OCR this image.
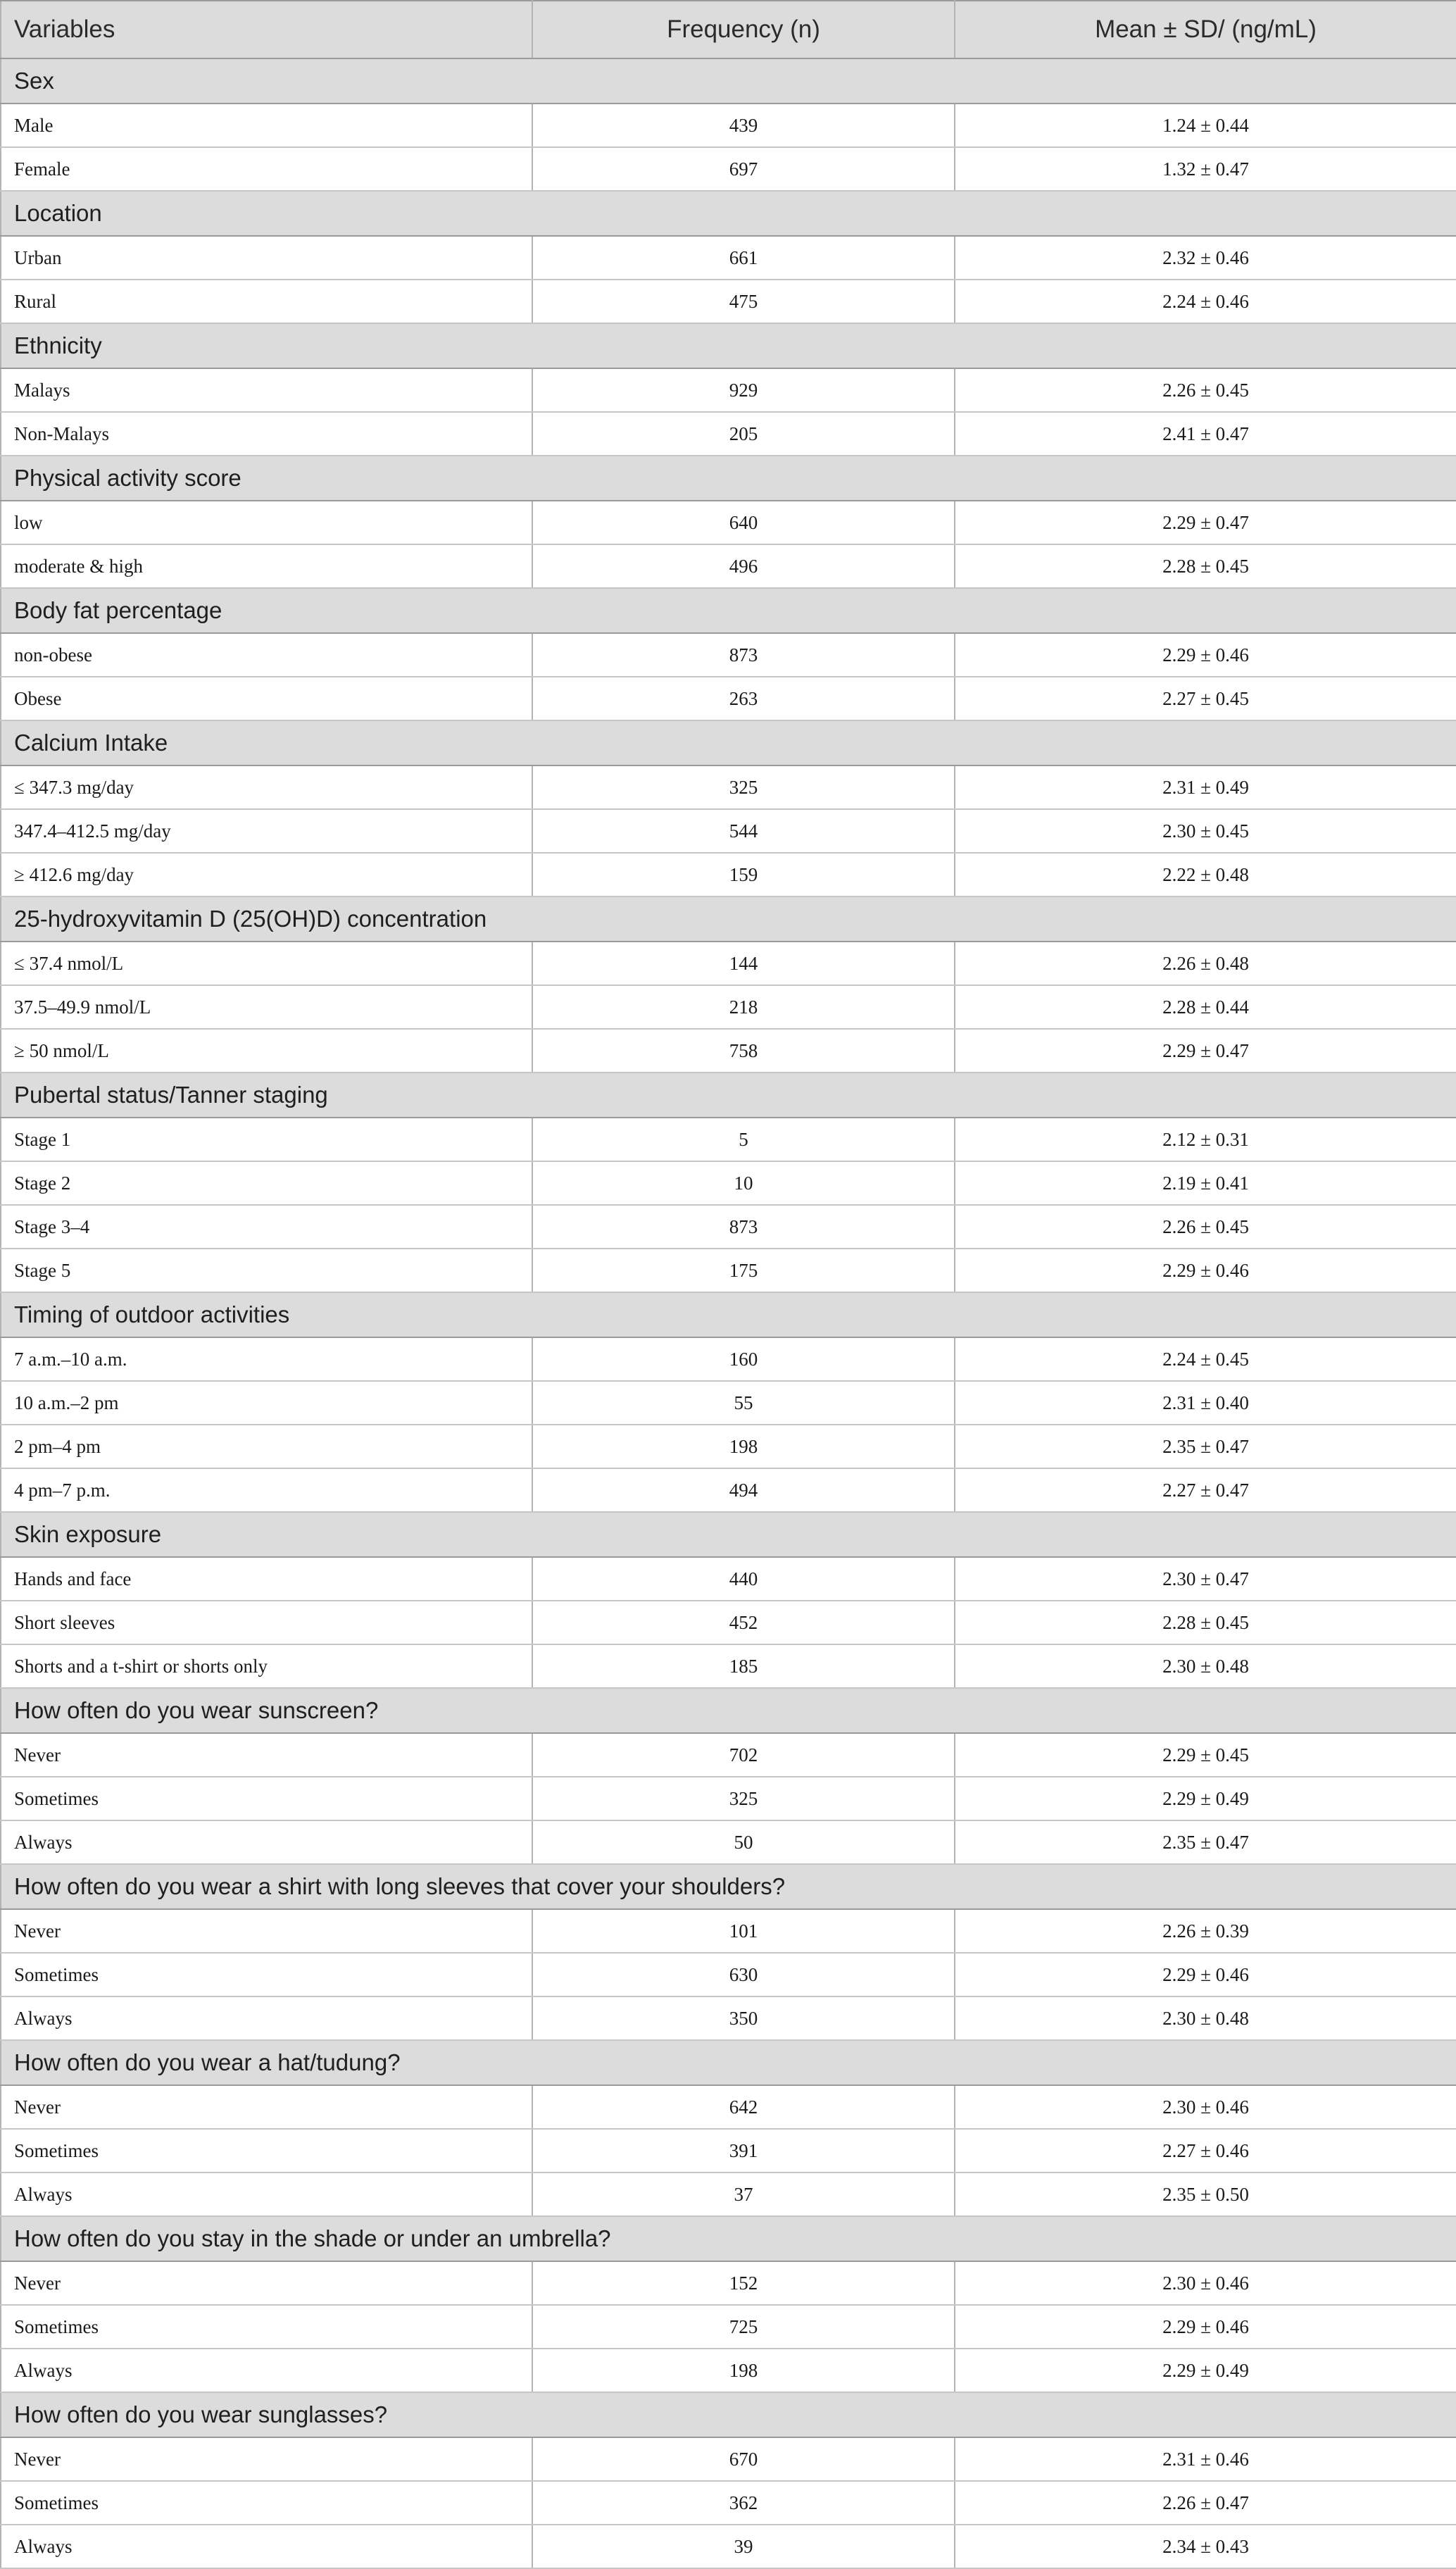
Variables	Frequency (n)	Mean ± SD/ (ng/mL)
Sex		
Male	439	1.24 ± 0.44
Female	697	1.32 ± 0.47
Location		
Urban	661	2.32 ± 0.46
Rural	475	2.24 ± 0.46
Ethnicity		
Malays	929	2.26 ± 0.45
Non-Malays	205	2.41 ± 0.47
Physical activity score		
low	640	2.29 ± 0.47
moderate & high	496	2.28 ± 0.45
Body fat percentage		
non-obese	873	2.29 ± 0.46
Obese	263	2.27 ± 0.45
Calcium Intake		
≤ 347.3 mg/day	325	2.31 ± 0.49
347.4–412.5 mg/day	544	2.30 ± 0.45
≥ 412.6 mg/day	159	2.22 ± 0.48
25-hydroxyvitamin D (25(OH)D) concentration		
≤ 37.4 nmol/L	144	2.26 ± 0.48
37.5–49.9 nmol/L	218	2.28 ± 0.44
≥ 50 nmol/L	758	2.29 ± 0.47
Pubertal status/Tanner staging		
Stage 1	5	2.12 ± 0.31
Stage 2	10	2.19 ± 0.41
Stage 3–4	873	2.26 ± 0.45
Stage 5	175	2.29 ± 0.46
Timing of outdoor activities		
7 a.m.–10 a.m.	160	2.24 ± 0.45
10 a.m.–2 pm	55	2.31 ± 0.40
2 pm–4 pm	198	2.35 ± 0.47
4 pm–7 p.m.	494	2.27 ± 0.47
Skin exposure		
Hands and face	440	2.30 ± 0.47
Short sleeves	452	2.28 ± 0.45
Shorts and a t-shirt or shorts only	185	2.30 ± 0.48
How often do you wear sunscreen?		
Never	702	2.29 ± 0.45
Sometimes	325	2.29 ± 0.49
Always	50	2.35 ± 0.47
How often do you wear a shirt with long sleeves that cover your shoulders?		
Never	101	2.26 ± 0.39
Sometimes	630	2.29 ± 0.46
Always	350	2.30 ± 0.48
How often do you wear a hat/tudung?		
Never	642	2.30 ± 0.46
Sometimes	391	2.27 ± 0.46
Always	37	2.35 ± 0.50
How often do you stay in the shade or under an umbrella?		
Never	152	2.30 ± 0.46
Sometimes	725	2.29 ± 0.46
Always	198	2.29 ± 0.49
How often do you wear sunglasses?		
Never	670	2.31 ± 0.46
Sometimes	362	2.26 ± 0.47
Always	39	2.34 ± 0.43
